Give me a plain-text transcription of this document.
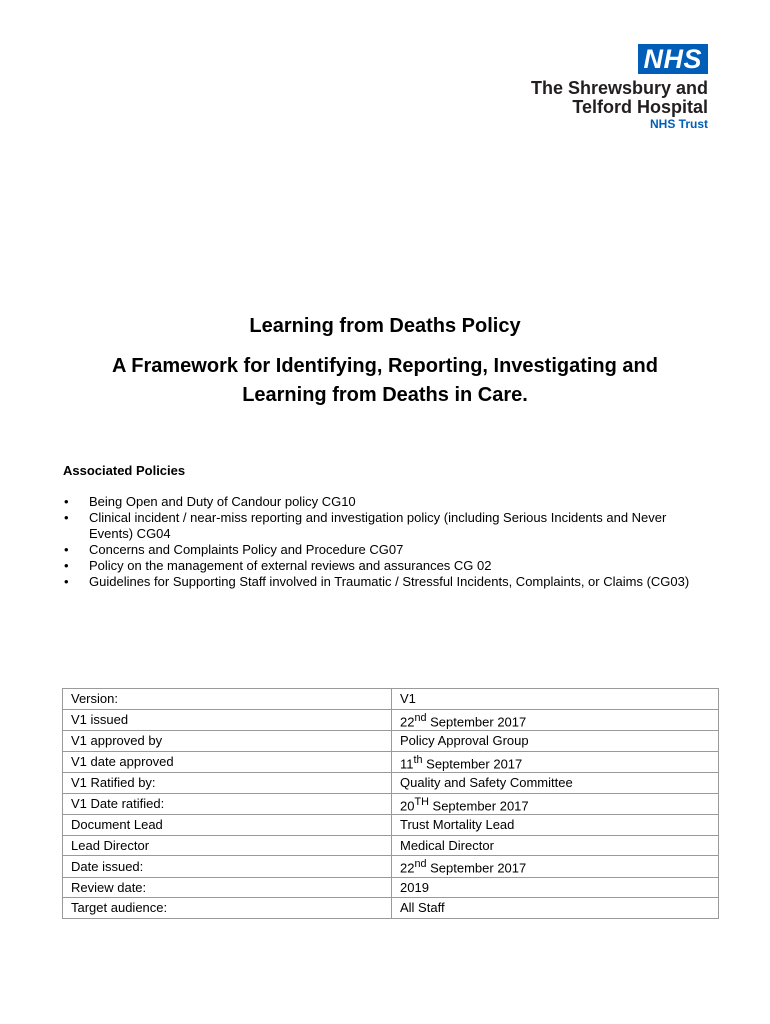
NHS
The Shrewsbury and
Telford Hospital
NHS Trust
Learning from Deaths Policy
A Framework for Identifying, Reporting, Investigating and
Learning from Deaths in Care.
Associated Policies
• Being Open and Duty of Candour policy CG10
• Clinical incident / near-miss reporting and investigation policy (including Serious Incidents and Never Events) CG04
• Concerns and Complaints Policy and Procedure CG07
• Policy on the management of external reviews and assurances CG 02
• Guidelines for Supporting Staff involved in Traumatic / Stressful Incidents, Complaints, or Claims (CG03)
Version:	V1
V1 issued	22nd September 2017
V1 approved by	Policy Approval Group
V1 date approved	11th September 2017
V1 Ratified by:	Quality and Safety Committee
V1 Date ratified:	20TH September 2017
Document Lead	Trust Mortality Lead
Lead Director	Medical Director
Date issued:	22nd September 2017
Review date:	2019
Target audience:	All Staff
